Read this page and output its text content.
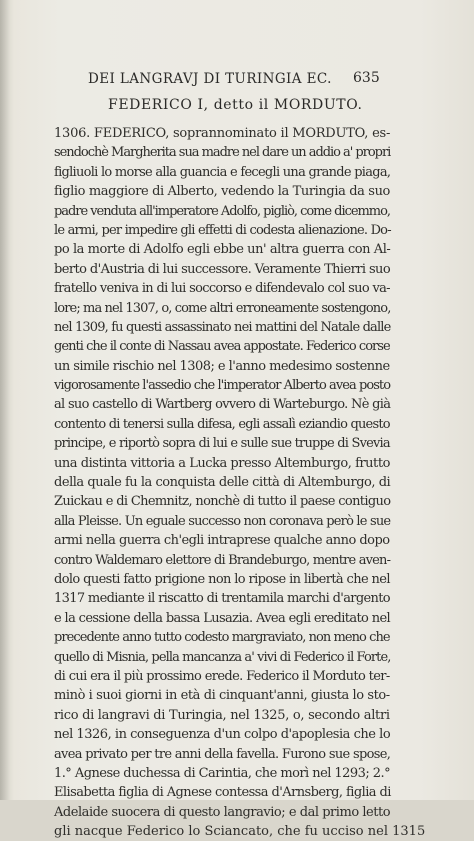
DEI LANGRAVJ DI TURINGIA EC.	635
FEDERICO I, detto il MORDUTO.
1306. FEDERICO, soprannominato il MORDUTO, es-
sendochè Margherita sua madre nel dare un addio a' propri
figliuoli lo morse alla guancia e fecegli una grande piaga,
figlio maggiore di Alberto, vedendo la Turingia da suo
padre venduta all'imperatore Adolfo, pigliò, come dicemmo,
le armi, per impedire gli effetti di codesta alienazione. Do-
po la morte di Adolfo egli ebbe un' altra guerra con Al-
berto d'Austria di lui successore. Veramente Thierri suo
fratello veniva in di lui soccorso e difendevalo col suo va-
lore; ma nel 1307, o, come altri erroneamente sostengono,
nel 1309, fu questi assassinato nei mattini del Natale dalle
genti che il conte di Nassau avea appostate. Federico corse
un simile rischio nel 1308; e l'anno medesimo sostenne
vigorosamente l'assedio che l'imperator Alberto avea posto
al suo castello di Wartberg ovvero di Warteburgo. Nè già
contento di tenersi sulla difesa, egli assalì eziandio questo
principe, e riportò sopra di lui e sulle sue truppe di Svevia
una distinta vittoria a Lucka presso Altemburgo, frutto
della quale fu la conquista delle città di Altemburgo, di
Zuickau e di Chemnitz, nonchè di tutto il paese contiguo
alla Pleisse. Un eguale successo non coronava però le sue
armi nella guerra ch'egli intraprese qualche anno dopo
contro Waldemaro elettore di Brandeburgo, mentre aven-
dolo questi fatto prigione non lo ripose in libertà che nel
1317 mediante il riscatto di trentamila marchi d'argento
e la cessione della bassa Lusazia. Avea egli ereditato nel
precedente anno tutto codesto margraviato, non meno che
quello di Misnia, pella mancanza a' vivi di Federico il Forte,
di cui era il più prossimo erede. Federico il Morduto ter-
minò i suoi giorni in età di cinquant'anni, giusta lo sto-
rico di langravi di Turingia, nel 1325, o, secondo altri
nel 1326, in conseguenza d'un colpo d'apoplesia che lo
avea privato per tre anni della favella. Furono sue spose,
1.° Agnese duchessa di Carintia, che morì nel 1293; 2.°
Elisabetta figlia di Agnese contessa d'Arnsberg, figlia di
Adelaide suocera di questo langravio; e dal primo letto
gli nacque Federico lo Sciancato, che fu ucciso nel 1315
